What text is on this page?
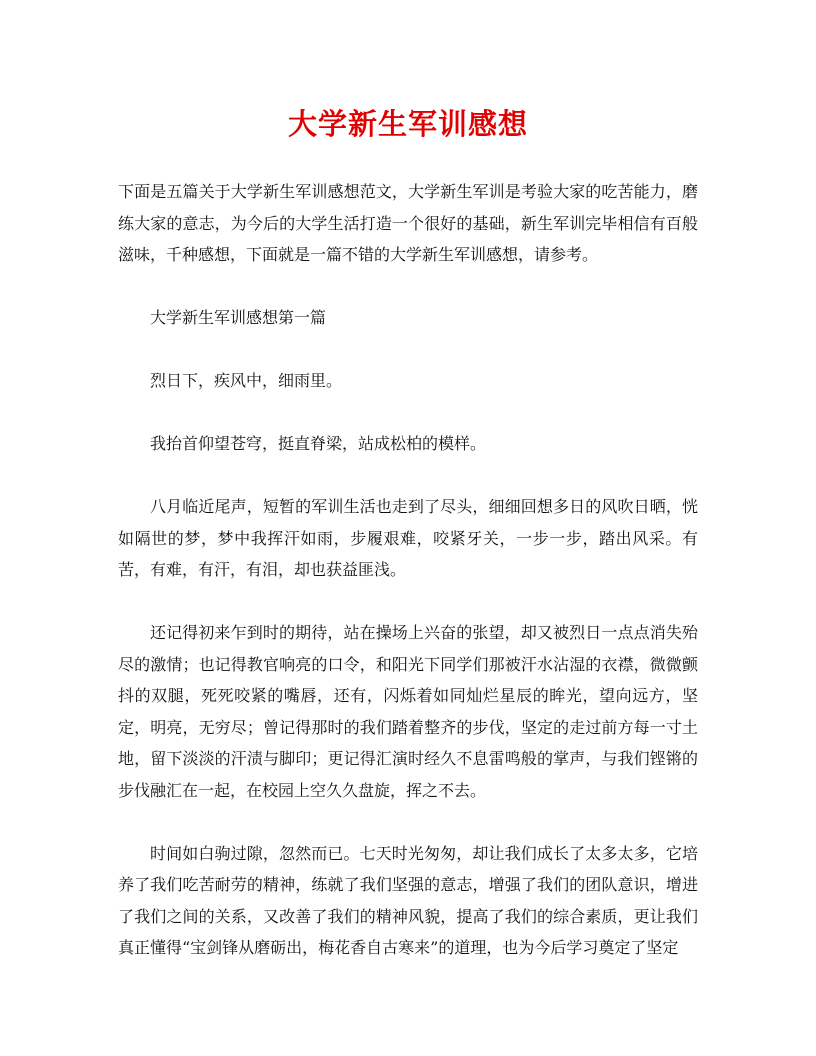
大学新生军训感想

下面是五篇关于大学新生军训感想范文，大学新生军训是考验大家的吃苦能力，磨练大家的意志，为今后的大学生活打造一个很好的基础，新生军训完毕相信有百般滋味，千种感想，下面就是一篇不错的大学新生军训感想，请参考。

大学新生军训感想第一篇

烈日下，疾风中，细雨里。

我抬首仰望苍穹，挺直脊梁，站成松柏的模样。

八月临近尾声，短暂的军训生活也走到了尽头，细细回想多日的风吹日晒，恍如隔世的梦，梦中我挥汗如雨，步履艰难，咬紧牙关，一步一步，踏出风采。有苦，有难，有汗，有泪，却也获益匪浅。

还记得初来乍到时的期待，站在操场上兴奋的张望，却又被烈日一点点消失殆尽的激情；也记得教官响亮的口令，和阳光下同学们那被汗水沾湿的衣襟，微微颤抖的双腿，死死咬紧的嘴唇，还有，闪烁着如同灿烂星辰的眸光，望向远方，坚定，明亮，无穷尽；曾记得那时的我们踏着整齐的步伐，坚定的走过前方每一寸土地，留下淡淡的汗渍与脚印；更记得汇演时经久不息雷鸣般的掌声，与我们铿锵的步伐融汇在一起，在校园上空久久盘旋，挥之不去。

时间如白驹过隙，忽然而已。七天时光匆匆，却让我们成长了太多太多，它培养了我们吃苦耐劳的精神，练就了我们坚强的意志，增强了我们的团队意识，增进了我们之间的关系，又改善了我们的精神风貌，提高了我们的综合素质，更让我们真正懂得“宝剑锋从磨砺出，梅花香自古寒来”的道理，也为今后学习奠定了坚定
